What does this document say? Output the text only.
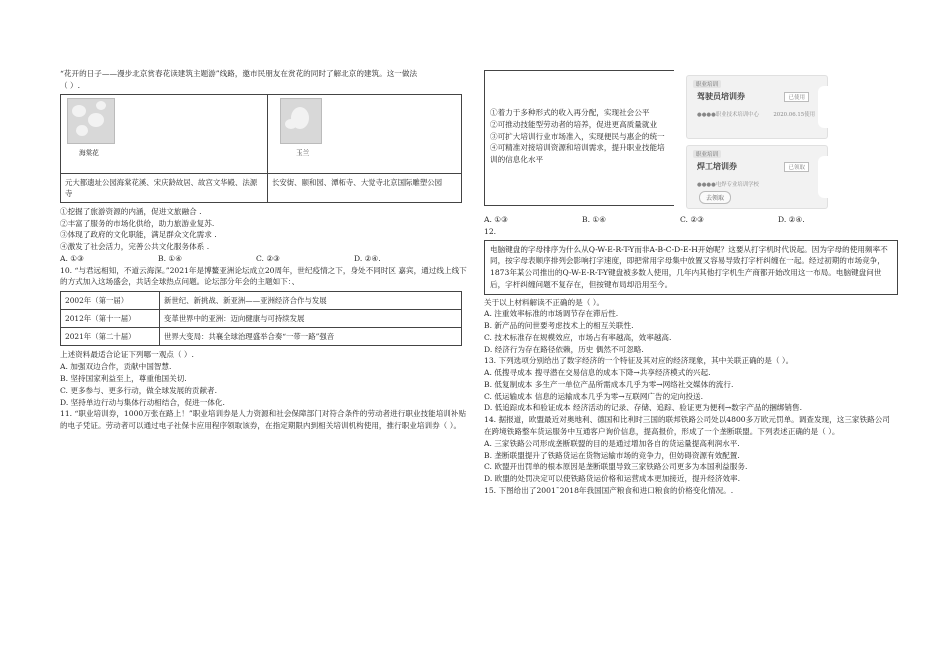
“花开的日子——漫步北京赏春花读建筑主题游”线路，邀市民朋友在赏花的同时了解北京的建筑。这一做法
（ ）.
海棠花	玉兰

元大都遗址公园海棠花溪、宋庆龄故居、故宫文华殿、法源寺	长安街、颐和园、潭柘寺、大觉寺北京国际雕塑公园
①挖掘了旅游资源的内涵，促进文旅融合 .
②丰富了服务的市场化供给，助力旅游业复苏.
③体现了政府的文化职能，满足群众文化需求 .
④激发了社会活力，完善公共文化服务体系 .
A. ①③	B. ①④	C. ②③	D. ②④.
10. “与君远相知，不道云海深。”2021年是博鳌亚洲论坛成立20周年，世纪疫情之下，身处不同时区 嘉宾，通过线上线下的方式加入这场盛会，共话全球热点问题。论坛部分年会的主题如下：、
2002年（第一届）	新世纪、新挑战、新亚洲——亚洲经济合作与发展
2012年（第十一届）	变革世界中的亚洲：迈向健康与可持续发展
2021年（第二十届）	世界大变局：共襄全球治理盛举合奏“一带一路”强音
上述资料最适合论证下列哪一观点（ ）.
A. 加强双边合作，贡献中国智慧.
B. 坚持国家利益至上，尊重他国关切.
C. 更多参与、更多行动，做全球发展的贡献者.
D. 坚持单边行动与集体行动相结合，促进一体化.
11. “职业培训券，1000万张在路上！”职业培训券是人力资源和社会保障部门对符合条件的劳动者进行职业技能培训补贴的电子凭证。劳动者可以通过电子社保卡应用程序领取该券，在指定期限内到相关培训机构使用，推行职业培训券（ ）。
①着力于多种形式的收入再分配，实现社会公平
②可推动技能型劳动者的培养，促进更高质量就业
③可扩大培训行业市场准入，实现便民与惠企的统一
④可精准对接培训资源和培训需求，提升职业技能培训的信息化水平
A. ①③	B. ①④	C. ②③	D. ②④.
12.
电脑键盘的字母排序为什么从Q-W-E-R-T-Y而非A-B-C-D-E-H开始呢？这要从打字机时代说起。因为字母的使用频率不同，按字母表顺序排列会影响打字速度，即把常用字母集中放置又容易导致打字杆纠缠在一起。经过初期的市场竞争，1873年某公司推出的Q-W-E-R-T-Y键盘被多数人使用，几年内其他打字机生产商都开始改用这一布局。电脑键盘问世后，字杆纠缠问题不复存在，但按键布局却沿用至今。
关于以上材料解读不正确的是（ ）。
A. 注重效率标准的市场调节存在滞后性.
B. 新产品的问世要考虑技术上的相互关联性.
C. 技术标准存在规模效应，市场占有率越高，效率越高.
D. 经济行为存在路径依赖，历史 偶然不可忽略.
13. 下列选项分别给出了数字经济的一个特征及其对应的经济现象，其中关联正确的是（ ）。
A. 低搜寻成本 搜寻潜在交易信息的成本下降→共享经济模式的兴起.
B. 低复制成本 多生产一单位产品所需成本几乎为零→网络社交媒体的流行.
C. 低运输成本 信息的运输成本几乎为零→互联网广告的定向投送.
D. 低追踪成本和验证成本 经济活动的记录、存储、追踪、验证更为便利→数字产品的捆绑销售.
14. 据报道，欧盟最近对奥地利、德国和比利时三国的联邦铁路公司处以4800多万欧元罚单。调查发现，这三家铁路公司在跨境铁路整车货运服务中互通客户询价信息，提高报价，形成了一个垄断联盟。下列表述正确的是（ ）。
A. 三家铁路公司形成垄断联盟的目的是通过增加各自的货运量提高利润水平.
B. 垄断联盟提升了铁路货运在货物运输市场的竞争力，但妨碍资源有效配置.
C. 欧盟开出罚单的根本原因是垄断联盟导致三家铁路公司更多为本国利益服务.
D. 欧盟的处罚决定可以使铁路货运价格和运营成本更加接近，提升经济效率.
15. 下图给出了2001¯2018年我国国产粮食和进口粮食的价格变化情况。.
职业培训
驾驶员培训券	已使用
●●●●职业技术培训中心	2020.06.15使用
职业培训
焊工培训券	已领取
●●●●电焊专业培训学校
去领取
